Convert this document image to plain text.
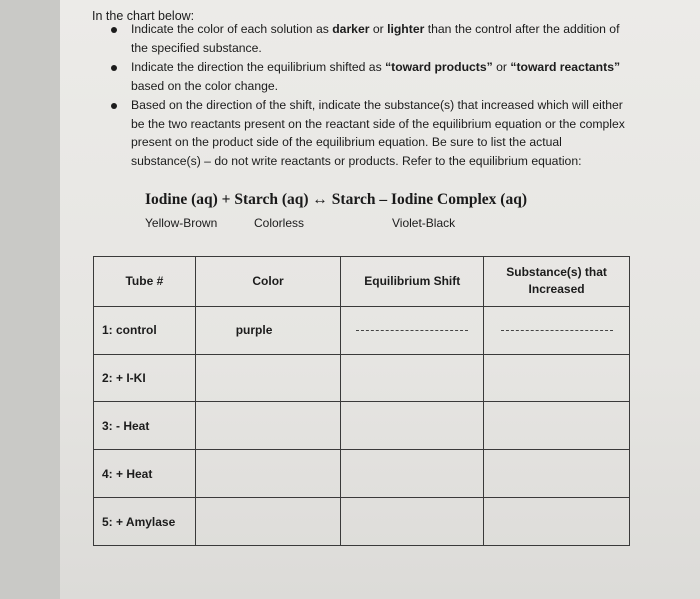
In the chart below:
Indicate the color of each solution as darker or lighter than the control after the addition of the specified substance.
Indicate the direction the equilibrium shifted as “toward products” or “toward reactants” based on the color change.
Based on the direction of the shift, indicate the substance(s) that increased which will either be the two reactants present on the reactant side of the equilibrium equation or the complex present on the product side of the equilibrium equation. Be sure to list the actual substance(s) – do not write reactants or products. Refer to the equilibrium equation:
Iodine (aq) + Starch (aq) ↔ Starch – Iodine Complex (aq)
Yellow-Brown	Colorless	Violet-Black
Tube #	Color	Equilibrium Shift	Substance(s) that Increased
1: control	purple	

2: + I-KI			
3: - Heat			
4: + Heat			
5: + Amylase			
